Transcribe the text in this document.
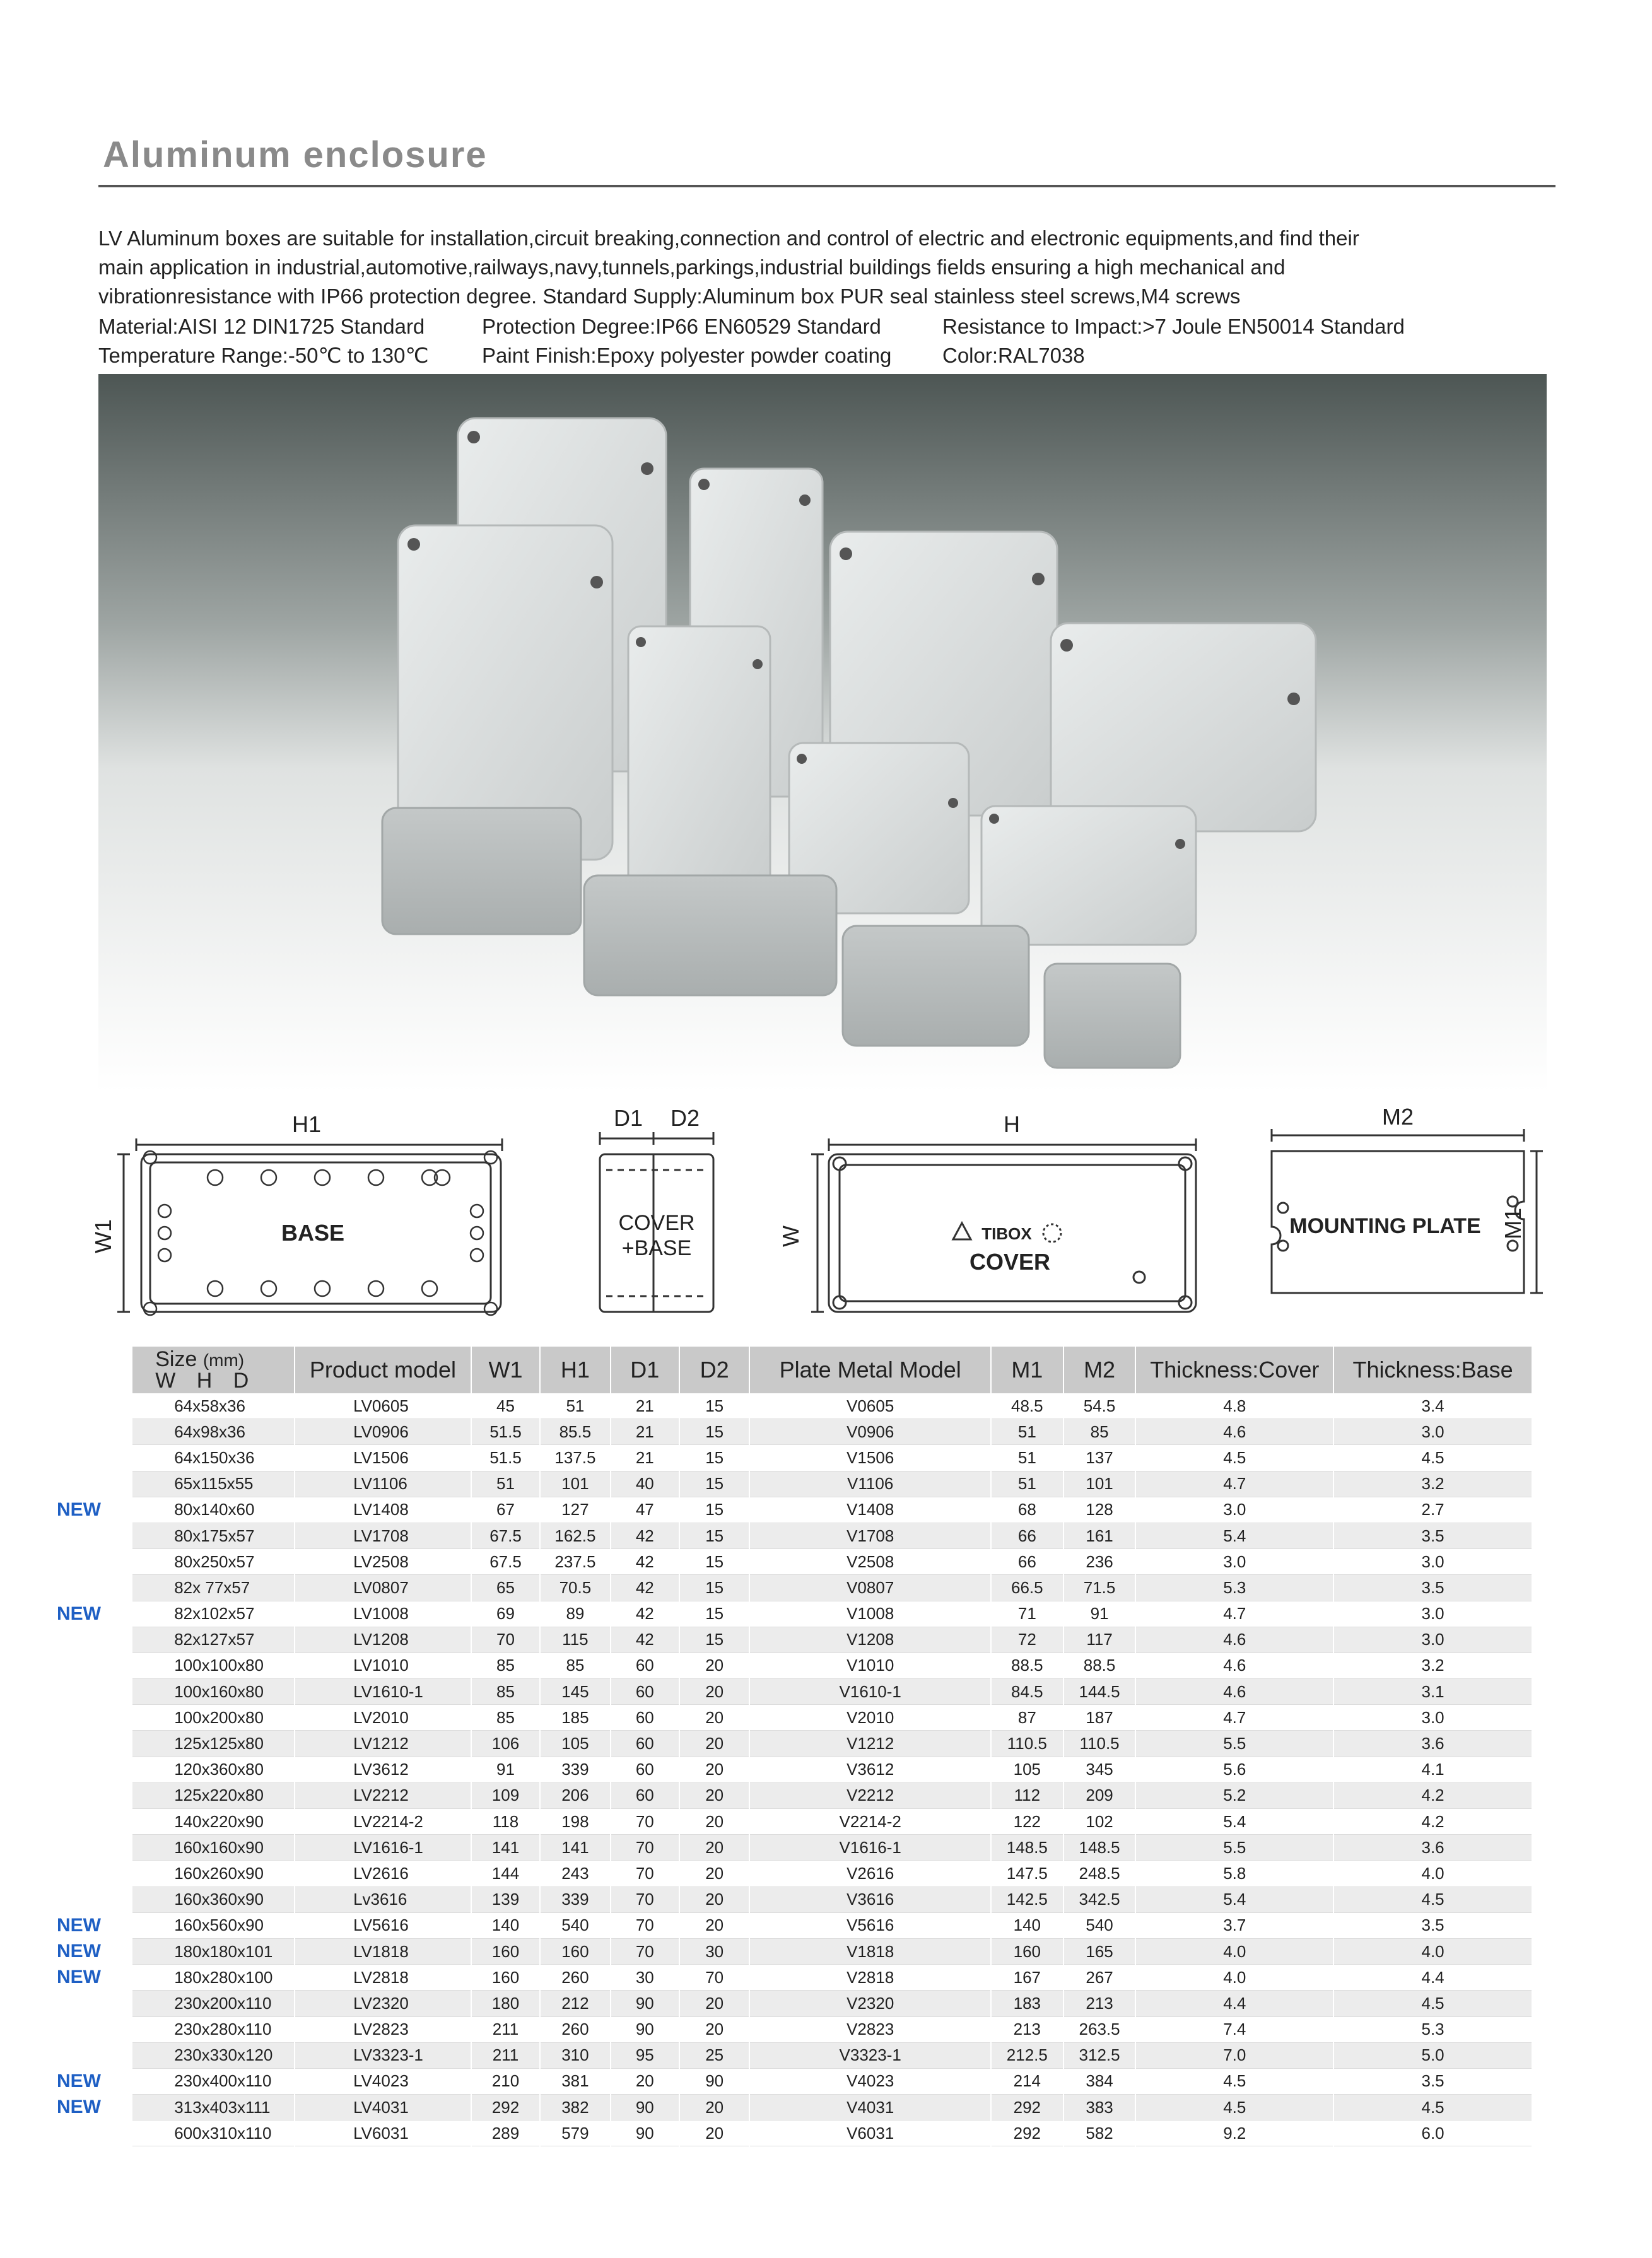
Aluminum enclosure

LV Aluminum boxes are suitable for installation,circuit breaking,connection and control of electric and electronic equipments,and find their

main application in industrial,automotive,railways,navy,tunnels,parkings,industrial buildings fields ensuring a high mechanical and

vibrationresistance with IP66 protection degree. Standard Supply:Aluminum box PUR seal stainless steel screws,M4 screws

Material:AISI 12 DIN1725 Standard	Protection Degree:IP66 EN60529 Standard	Resistance to Impact:>7 Joule EN50014 Standard
Temperature Range:-50℃ to 130℃	Paint Finish:Epoxy polyester powder coating	Color:RAL7038
H1
W1	BASE
D1 D2
COVER
+BASE
H
W	TIBOX
COVER
M2
M1
MOUNTING PLATE
	Size (mm)
W H D	Product model	W1	H1	D1	D2	Plate Metal Model	M1	M2	Thickness:Cover	Thickness:Base
	64x58x36	LV0605	45	51	21	15	V0605	48.5	54.5	4.8	3.4
	64x98x36	LV0906	51.5	85.5	21	15	V0906	51	85	4.6	3.0
	64x150x36	LV1506	51.5	137.5	21	15	V1506	51	137	4.5	4.5
	65x115x55	LV1106	51	101	40	15	V1106	51	101	4.7	3.2
NEW	80x140x60	LV1408	67	127	47	15	V1408	68	128	3.0	2.7
	80x175x57	LV1708	67.5	162.5	42	15	V1708	66	161	5.4	3.5
	80x250x57	LV2508	67.5	237.5	42	15	V2508	66	236	3.0	3.0
	82x 77x57	LV0807	65	70.5	42	15	V0807	66.5	71.5	5.3	3.5
NEW	82x102x57	LV1008	69	89	42	15	V1008	71	91	4.7	3.0
	82x127x57	LV1208	70	115	42	15	V1208	72	117	4.6	3.0
	100x100x80	LV1010	85	85	60	20	V1010	88.5	88.5	4.6	3.2
	100x160x80	LV1610-1	85	145	60	20	V1610-1	84.5	144.5	4.6	3.1
	100x200x80	LV2010	85	185	60	20	V2010	87	187	4.7	3.0
	125x125x80	LV1212	106	105	60	20	V1212	110.5	110.5	5.5	3.6
	120x360x80	LV3612	91	339	60	20	V3612	105	345	5.6	4.1
	125x220x80	LV2212	109	206	60	20	V2212	112	209	5.2	4.2
	140x220x90	LV2214-2	118	198	70	20	V2214-2	122	102	5.4	4.2
	160x160x90	LV1616-1	141	141	70	20	V1616-1	148.5	148.5	5.5	3.6
	160x260x90	LV2616	144	243	70	20	V2616	147.5	248.5	5.8	4.0
	160x360x90	Lv3616	139	339	70	20	V3616	142.5	342.5	5.4	4.5
NEW	160x560x90	LV5616	140	540	70	20	V5616	140	540	3.7	3.5
NEW	180x180x101	LV1818	160	160	70	30	V1818	160	165	4.0	4.0
NEW	180x280x100	LV2818	160	260	30	70	V2818	167	267	4.0	4.4
	230x200x110	LV2320	180	212	90	20	V2320	183	213	4.4	4.5
	230x280x110	LV2823	211	260	90	20	V2823	213	263.5	7.4	5.3
	230x330x120	LV3323-1	211	310	95	25	V3323-1	212.5	312.5	7.0	5.0
NEW	230x400x110	LV4023	210	381	20	90	V4023	214	384	4.5	3.5
NEW	313x403x111	LV4031	292	382	90	20	V4031	292	383	4.5	4.5
	600x310x110	LV6031	289	579	90	20	V6031	292	582	9.2	6.0
